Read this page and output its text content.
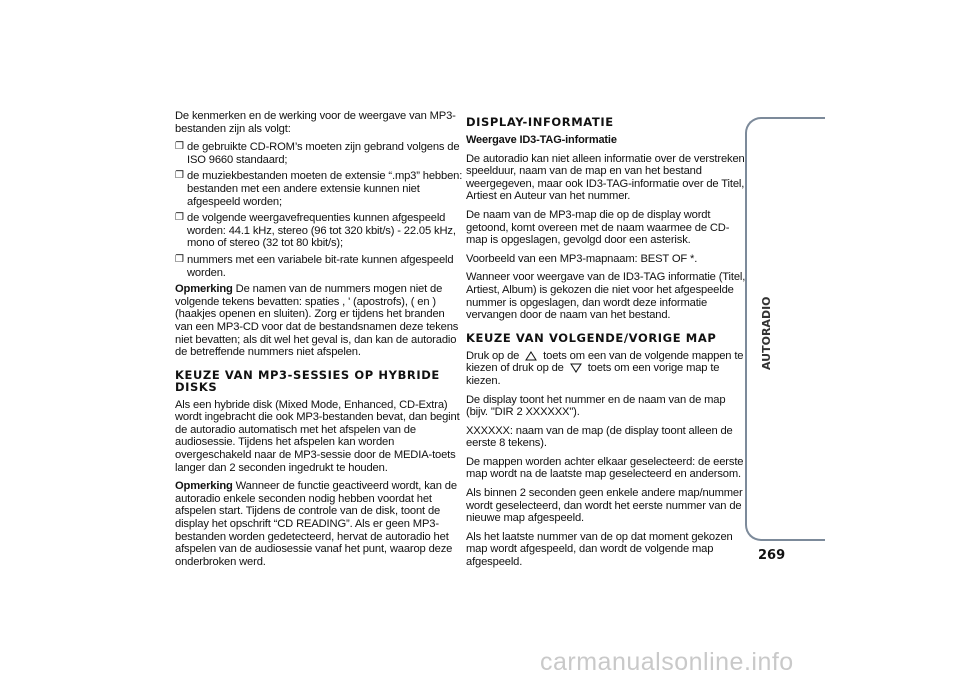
De kenmerken en de werking voor de weergave van MP3-bestanden zijn als volgt:

❐ de gebruikte CD-ROM’s moeten zijn gebrand volgens de ISO 9660 standaard;
❐ de muziekbestanden moeten de extensie “.mp3” hebben: bestanden met een andere extensie kunnen niet afgespeeld worden;
❐ de volgende weergavefrequenties kunnen afgespeeld worden: 44.1 kHz, stereo (96 tot 320 kbit/s) - 22.05 kHz, mono of stereo (32 tot 80 kbit/s);
❐ nummers met een variabele bit-rate kunnen afgespeeld worden.

Opmerking De namen van de nummers mogen niet de volgende tekens bevatten: spaties , ' (apostrofs), ( en ) (haakjes openen en sluiten). Zorg er tijdens het branden van een MP3-CD voor dat de bestandsnamen deze tekens niet bevatten; als dit wel het geval is, dan kan de autoradio de betreffende nummers niet afspelen.

KEUZE VAN MP3-SESSIES OP HYBRIDE DISKS

Als een hybride disk (Mixed Mode, Enhanced, CD-Extra) wordt ingebracht die ook MP3-bestanden bevat, dan begint de autoradio automatisch met het afspelen van de audiosessie. Tijdens het afspelen kan worden overgeschakeld naar de MP3-sessie door de MEDIA-toets langer dan 2 seconden ingedrukt te houden.

Opmerking Wanneer de functie geactiveerd wordt, kan de autoradio enkele seconden nodig hebben voordat het afspelen start. Tijdens de controle van de disk, toont de display het opschrift “CD READING”. Als er geen MP3-bestanden worden gedetecteerd, hervat de autoradio het afspelen van de audiosessie vanaf het punt, waarop deze onderbroken werd.

DISPLAY-INFORMATIE
Weergave ID3-TAG-informatie

De autoradio kan niet alleen informatie over de verstreken speelduur, naam van de map en van het bestand weergegeven, maar ook ID3-TAG-informatie over de Titel, Artiest en Auteur van het nummer.

De naam van de MP3-map die op de display wordt getoond, komt overeen met de naam waarmee de CD-map is opgeslagen, gevolgd door een asterisk.

Voorbeeld van een MP3-mapnaam: BEST OF *.

Wanneer voor weergave van de ID3-TAG informatie (Titel, Artiest, Album) is gekozen die niet voor het afgespeelde nummer is opgeslagen, dan wordt deze informatie vervangen door de naam van het bestand.

KEUZE VAN VOLGENDE/VORIGE MAP

Druk op de toets om een van de volgende mappen te kiezen of druk op de toets om een vorige map te kiezen.

De display toont het nummer en de naam van de map (bijv. "DIR 2 XXXXXX").

XXXXXX: naam van de map (de display toont alleen de eerste 8 tekens).

De mappen worden achter elkaar geselecteerd: de eerste map wordt na de laatste map geselecteerd en andersom.

Als binnen 2 seconden geen enkele andere map/nummer wordt geselecteerd, dan wordt het eerste nummer van de nieuwe map afgespeeld.

Als het laatste nummer van de op dat moment gekozen map wordt afgespeeld, dan wordt de volgende map afgespeeld.

AUTORADIO
269
carmanualsonline.info
